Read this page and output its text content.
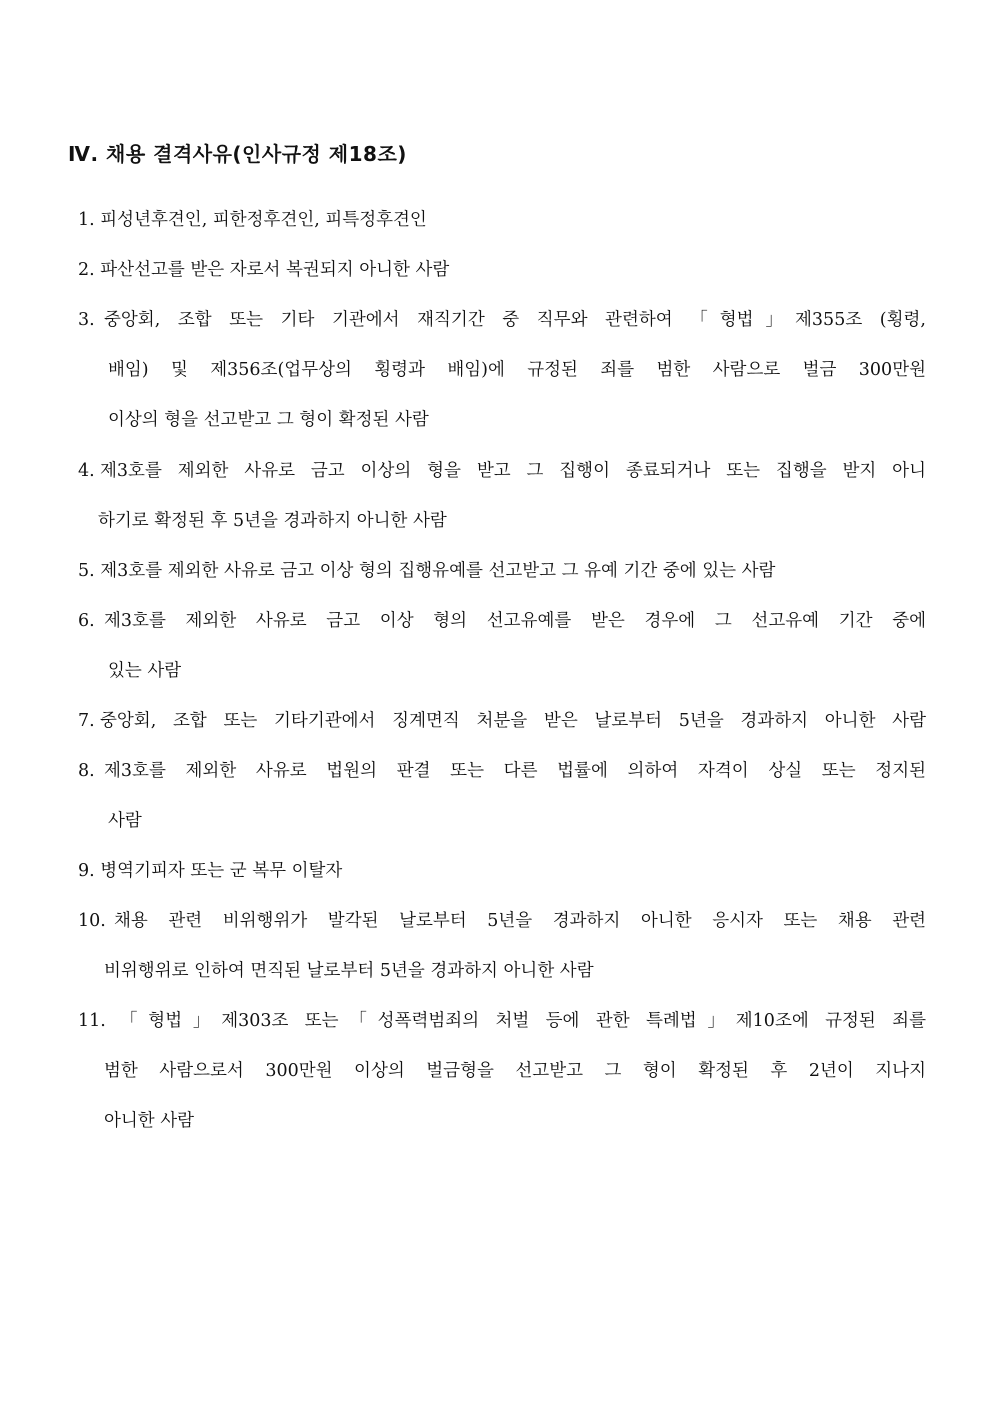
Ⅳ. 채용 결격사유(인사규정 제18조)
1. 피성년후견인, 피한정후견인, 피특정후견인
2. 파산선고를 받은 자로서 복권되지 아니한 사람
3. 중앙회, 조합 또는 기타 기관에서 재직기간 중 직무와 관련하여 「형법」제355조 (횡령,
배임) 및 제356조(업무상의 횡령과 배임)에 규정된 죄를 범한 사람으로 벌금 300만원
이상의 형을 선고받고 그 형이 확정된 사람
4. 제3호를 제외한 사유로 금고 이상의 형을 받고 그 집행이 종료되거나 또는 집행을 받지 아니
하기로 확정된 후 5년을 경과하지 아니한 사람
5. 제3호를 제외한 사유로 금고 이상 형의 집행유예를 선고받고 그 유예 기간 중에 있는 사람
6. 제3호를 제외한 사유로 금고 이상 형의 선고유예를 받은 경우에 그 선고유예 기간 중에
있는 사람
7. 중앙회, 조합 또는 기타기관에서 징계면직 처분을 받은 날로부터 5년을 경과하지 아니한 사람
8. 제3호를 제외한 사유로 법원의 판결 또는 다른 법률에 의하여 자격이 상실 또는 정지된
사람
9. 병역기피자 또는 군 복무 이탈자
10. 채용 관련 비위행위가 발각된 날로부터 5년을 경과하지 아니한 응시자 또는 채용 관련
비위행위로 인하여 면직된 날로부터 5년을 경과하지 아니한 사람
11. 「형법」제303조 또는「성폭력범죄의 처벌 등에 관한 특례법」제10조에 규정된 죄를
범한 사람으로서 300만원 이상의 벌금형을 선고받고 그 형이 확정된 후 2년이 지나지
아니한 사람
